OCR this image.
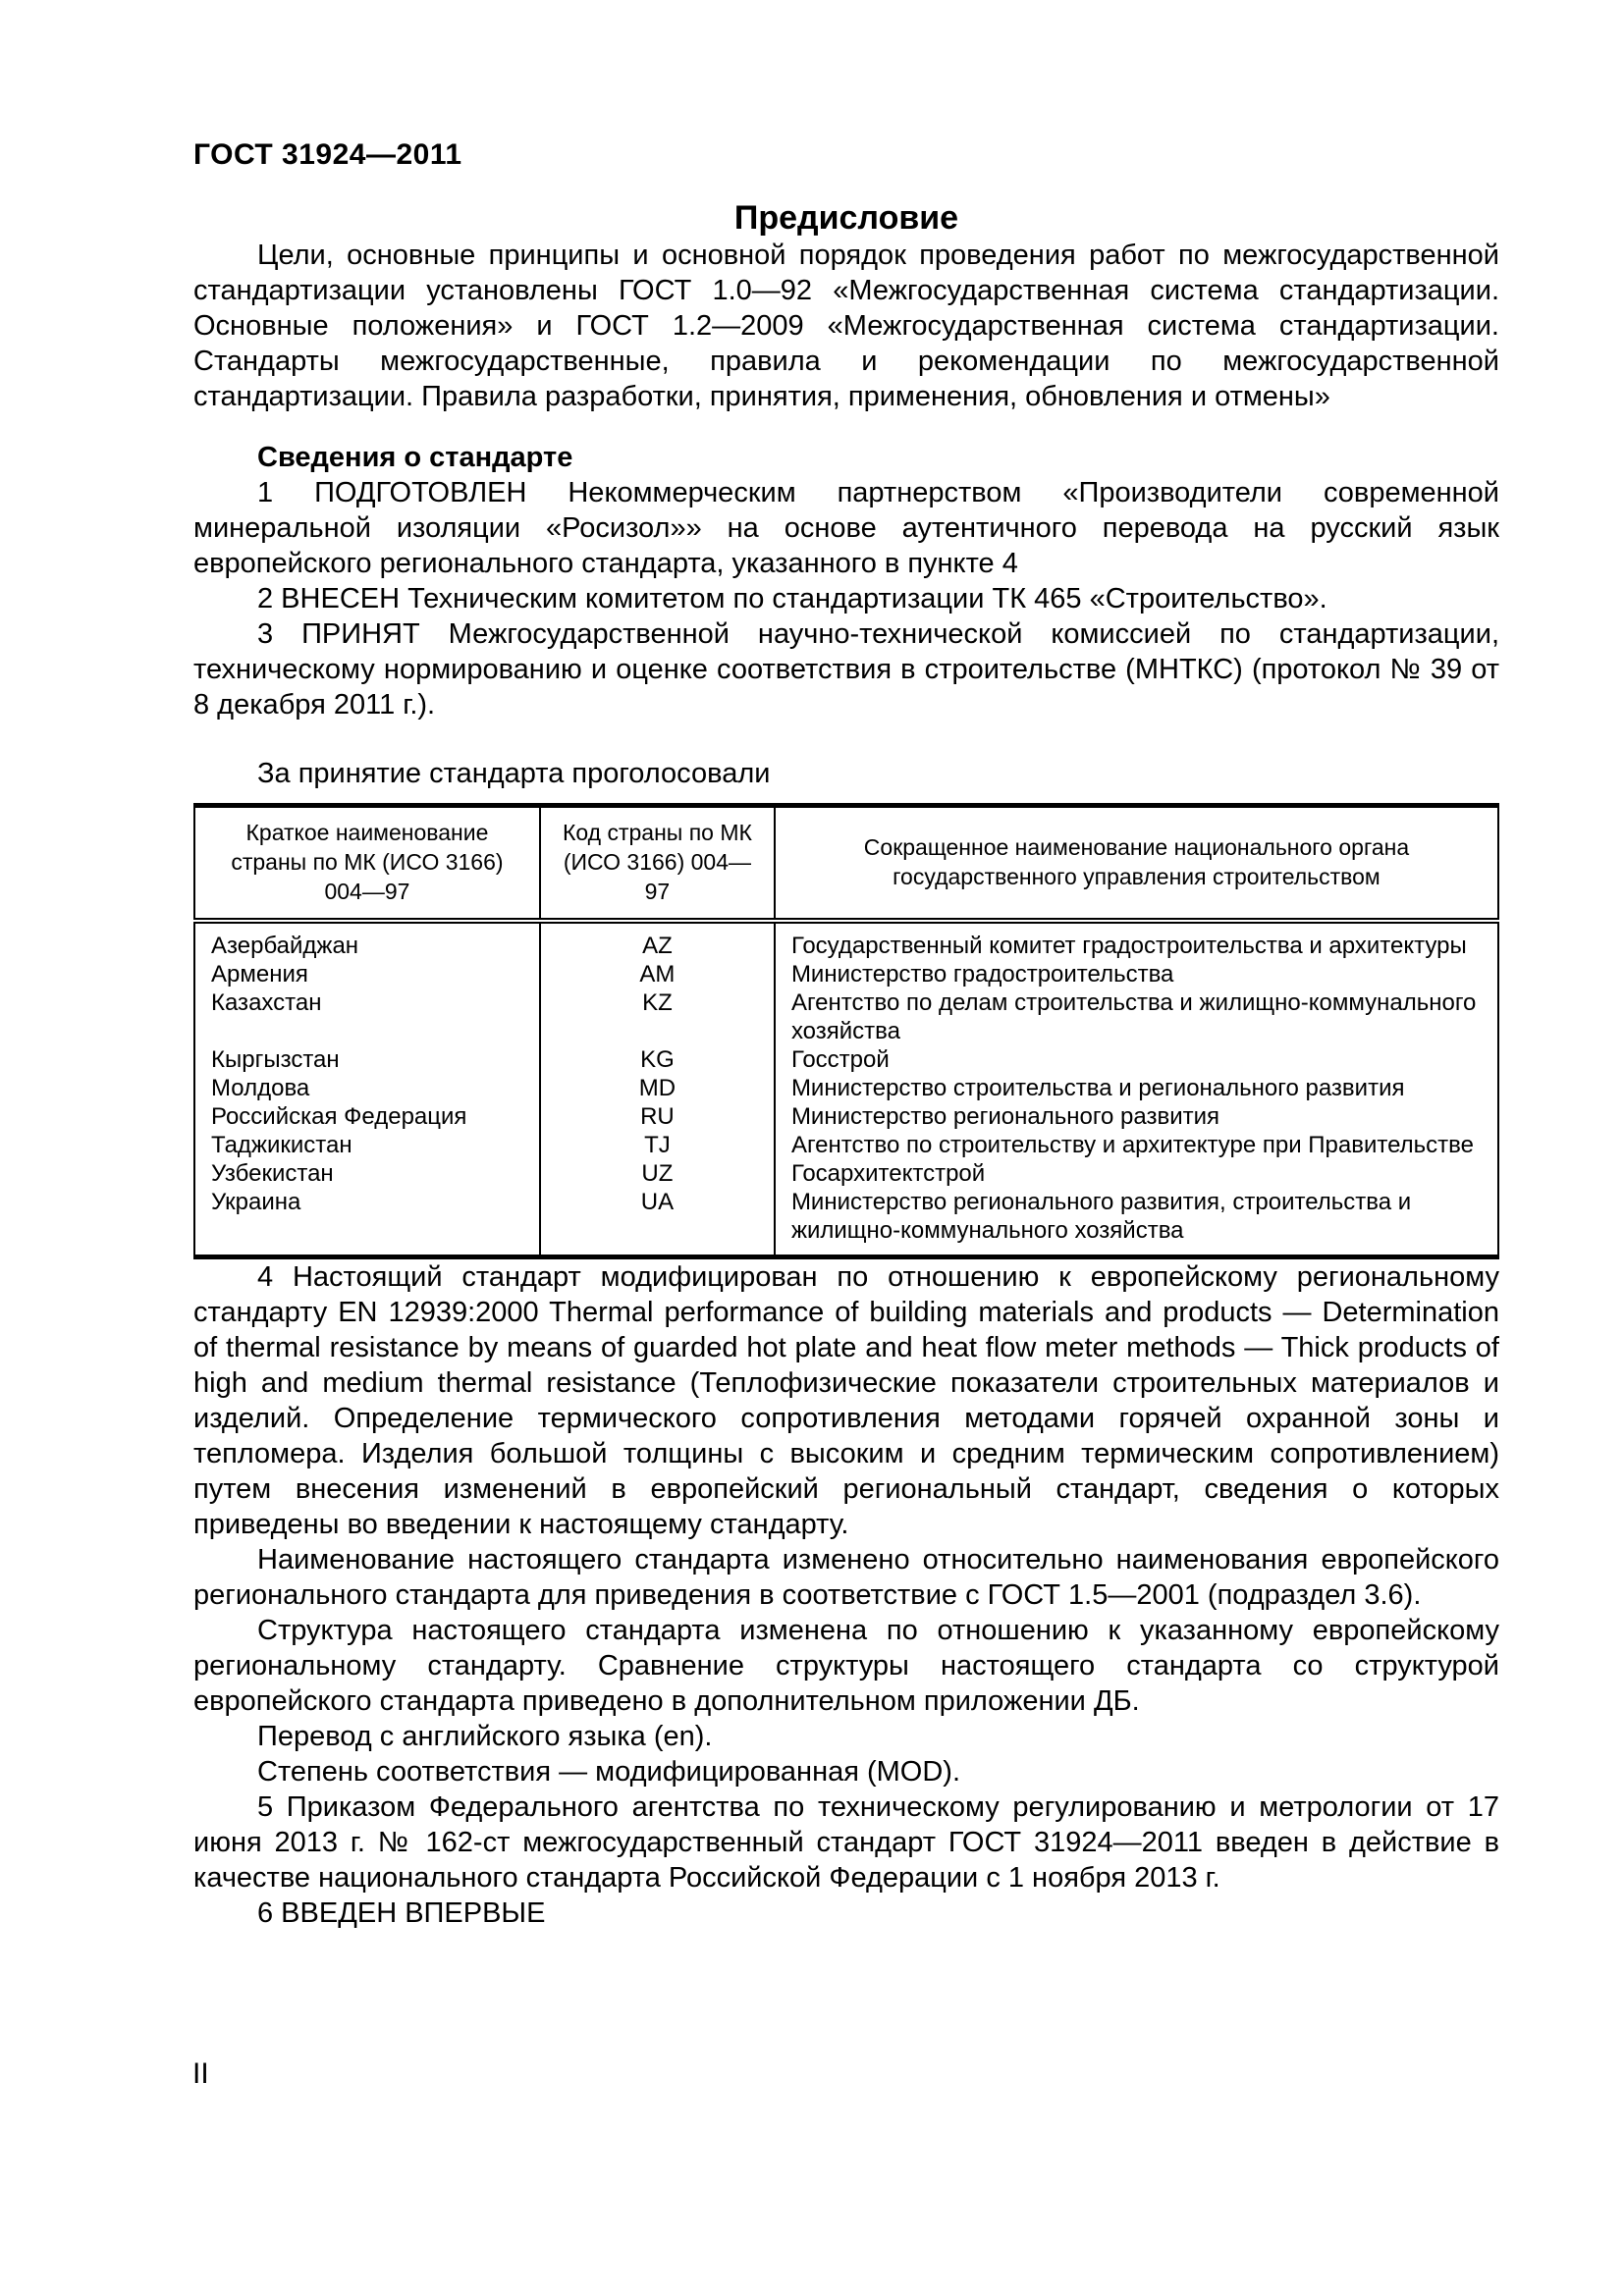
ГОСТ 31924—2011
Предисловие

Цели, основные принципы и основной порядок проведения работ по межгосударственной стандартизации установлены ГОСТ 1.0—92 «Межгосударственная система стандартизации. Основные положения» и ГОСТ 1.2—2009 «Межгосударственная система стандартизации. Стандарты межгосударственные, правила и рекомендации по межгосударственной стандартизации. Правила разработки, принятия, применения, обновления и отмены»

Сведения о стандарте

1 ПОДГОТОВЛЕН Некоммерческим партнерством «Производители современной минеральной изоляции «Росизол»» на основе аутентичного перевода на русский язык европейского регионального стандарта, указанного в пункте 4

2 ВНЕСЕН Техническим комитетом по стандартизации ТК 465 «Строительство».

3 ПРИНЯТ Межгосударственной научно-технической комиссией по стандартизации, техническому нормированию и оценке соответствия в строительстве (МНТКС) (протокол № 39 от 8 декабря 2011 г.).

За принятие стандарта проголосовали
Краткое наименование страны по МК (ИСО 3166) 004—97	Код страны по МК (ИСО 3166) 004—97	Сокращенное наименование национального органа государственного управления строительством
Азербайджан	AZ	Государственный комитет градостроительства и архитектуры
Армения	AM	Министерство градостроительства
Казахстан	KZ	Агентство по делам строительства и жилищно-коммунального хозяйства
Кыргызстан	KG	Госстрой
Молдова	MD	Министерство строительства и регионального развития
Российская Федерация	RU	Министерство регионального развития
Таджикистан	TJ	Агентство по строительству и архитектуре при Правительстве
Узбекистан	UZ	Госархитектстрой
Украина	UA	Министерство регионального развития, строительства и жилищно-коммунального хозяйства

4 Настоящий стандарт модифицирован по отношению к европейскому региональному стандарту EN 12939:2000 Thermal performance of building materials and products — Determination of thermal resistance by means of guarded hot plate and heat flow meter methods — Thick products of high and medium thermal resistance (Теплофизические показатели строительных материалов и изделий. Определение термического сопротивления методами горячей охранной зоны и тепломера. Изделия большой толщины с высоким и средним термическим сопротивлением) путем внесения изменений в европейский региональный стандарт, сведения о которых приведены во введении к настоящему стандарту.

Наименование настоящего стандарта изменено относительно наименования европейского регионального стандарта для приведения в соответствие с ГОСТ 1.5—2001 (подраздел 3.6).

Структура настоящего стандарта изменена по отношению к указанному европейскому региональному стандарту. Сравнение структуры настоящего стандарта со структурой европейского стандарта приведено в дополнительном приложении ДБ.

Перевод с английского языка (en).

Степень соответствия — модифицированная (MOD).

5 Приказом Федерального агентства по техническому регулированию и метрологии от 17 июня 2013 г. № 162-ст межгосударственный стандарт ГОСТ 31924—2011 введен в действие в качестве национального стандарта Российской Федерации с 1 ноября 2013 г.

6 ВВЕДЕН ВПЕРВЫЕ

II
